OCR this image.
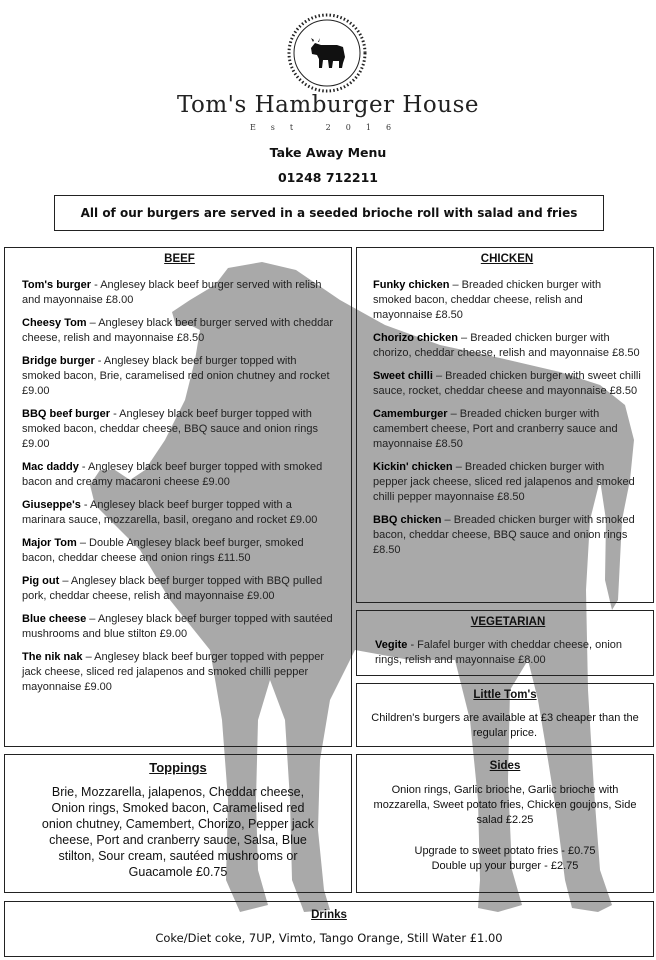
Tom's Hamburger House
Est 2016
Take Away Menu
01248 712211
All of our burgers are served in a seeded brioche roll with salad and fries
BEEF
Tom's burger - Anglesey black beef burger served with relish and mayonnaise £8.00
Cheesy Tom – Anglesey black beef burger served with cheddar cheese, relish and mayonnaise £8.50
Bridge burger - Anglesey black beef burger topped with smoked bacon, Brie, caramelised red onion chutney and rocket £9.00
BBQ beef burger - Anglesey black beef burger topped with smoked bacon, cheddar cheese, BBQ sauce and onion rings £9.00
Mac daddy - Anglesey black beef burger topped with smoked bacon and creamy macaroni cheese £9.00
Giuseppe's - Anglesey black beef burger topped with a marinara sauce, mozzarella, basil, oregano and rocket £9.00
Major Tom – Double Anglesey black beef burger, smoked bacon, cheddar cheese and onion rings £11.50
Pig out – Anglesey black beef burger topped with BBQ pulled pork, cheddar cheese, relish and mayonnaise £9.00
Blue cheese – Anglesey black beef burger topped with sautéed mushrooms and blue stilton £9.00
The nik nak – Anglesey black beef burger topped with pepper jack cheese, sliced red jalapenos and smoked chilli pepper mayonnaise £9.00
CHICKEN
Funky chicken – Breaded chicken burger with smoked bacon, cheddar cheese, relish and mayonnaise £8.50
Chorizo chicken – Breaded chicken burger with chorizo, cheddar cheese, relish and mayonnaise £8.50
Sweet chilli – Breaded chicken burger with sweet chilli sauce, rocket, cheddar cheese and mayonnaise £8.50
Camemburger – Breaded chicken burger with camembert cheese, Port and cranberry sauce and mayonnaise £8.50
Kickin' chicken – Breaded chicken burger with pepper jack cheese, sliced red jalapenos and smoked chilli pepper mayonnaise £8.50
BBQ chicken – Breaded chicken burger with smoked bacon, cheddar cheese, BBQ sauce and onion rings £8.50
VEGETARIAN
Vegite - Falafel burger with cheddar cheese, onion rings, relish and mayonnaise £8.00
Little Tom's
Children's burgers are available at £3 cheaper than the regular price.
Toppings
Brie, Mozzarella, jalapenos, Cheddar cheese, Onion rings, Smoked bacon, Caramelised red onion chutney, Camembert, Chorizo, Pepper jack cheese, Port and cranberry sauce, Salsa, Blue stilton, Sour cream, sautéed mushrooms or Guacamole £0.75
Sides
Onion rings, Garlic brioche, Garlic brioche with mozzarella, Sweet potato fries, Chicken goujons, Side salad £2.25
Upgrade to sweet potato fries - £0.75
Double up your burger - £2.75
Drinks
Coke/Diet coke, 7UP, Vimto, Tango Orange, Still Water £1.00
